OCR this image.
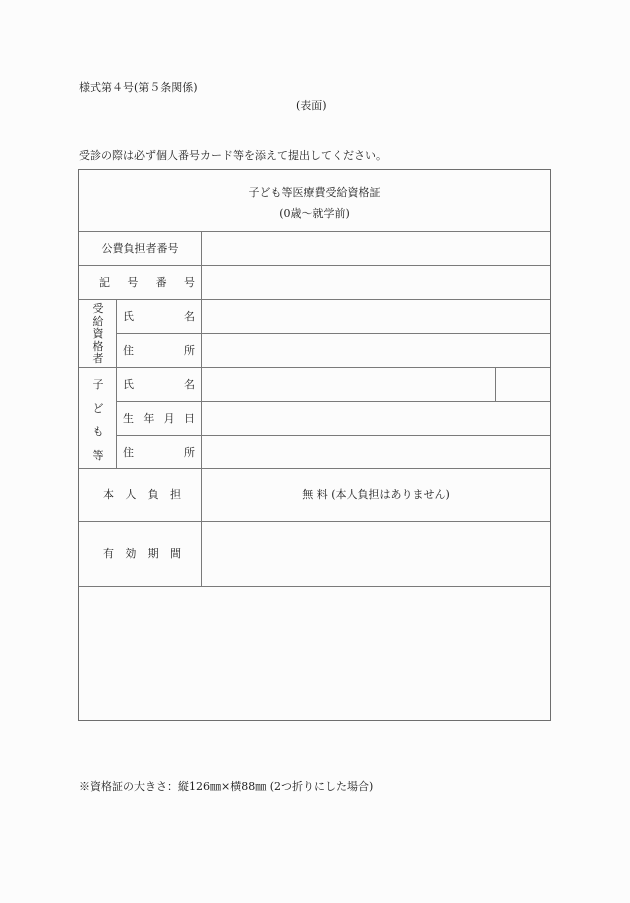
様式第４号(第５条関係)
(表面)
受診の際は必ず個人番号カード等を添えて提出してください。
子ども等医療費受給資格証
(0歳～就学前)
公費負担者番号
記 号 番 号
受
給
資
格
者
氏	名
住	所
子
ど
も
等
氏	名
生 年 月 日
住	所
本 人 負 担	無 料 (本人負担はありません)
有 効 期 間
※資格証の大きさ：縦126㎜×横88㎜ (2つ折りにした場合)
